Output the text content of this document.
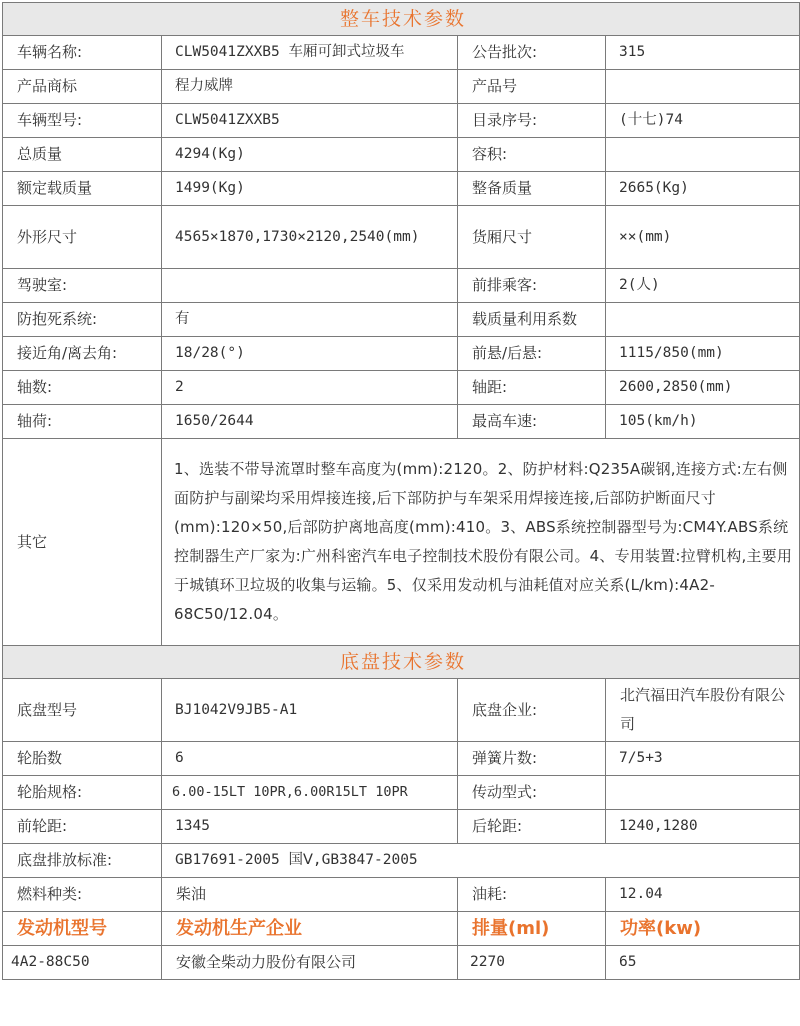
整车技术参数			
车辆名称:	CLW5041ZXXB5 车厢可卸式垃圾车	公告批次:	315
产品商标	程力威牌	产品号	
车辆型号:	CLW5041ZXXB5	目录序号:	(十七)74
总质量	4294(Kg)	容积:	
额定载质量	1499(Kg)	整备质量	2665(Kg)
外形尺寸	4565×1870,1730×2120,2540(mm)	货厢尺寸	××(mm)
驾驶室:		前排乘客:	2(人)
防抱死系统:	有	载质量利用系数	
接近角/离去角:	18/28(°)	前悬/后悬:	1115/850(mm)
轴数:	2	轴距:	2600,2850(mm)
轴荷:	1650/2644	最高车速:	105(km/h)
其它	1、选装不带导流罩时整车高度为(mm):2120。2、防护材料:Q235A碳钢,连接方式:左右侧面防护与副梁均采用焊接连接,后下部防护与车架采用焊接连接,后部防护断面尺寸(mm):120×50,后部防护离地高度(mm):410。3、ABS系统控制器型号为:CM4Y.ABS系统控制器生产厂家为:广州科密汽车电子控制技术股份有限公司。4、专用装置:拉臂机构,主要用于城镇环卫垃圾的收集与运输。5、仅采用发动机与油耗值对应关系(L/km):4A2-68C50/12.04。		
底盘技术参数			
底盘型号	BJ1042V9JB5-A1	底盘企业:	北汽福田汽车股份有限公司
轮胎数	6	弹簧片数:	7/5+3
轮胎规格:	6.00-15LT 10PR,6.00R15LT 10PR	传动型式:	
前轮距:	1345	后轮距:	1240,1280
底盘排放标准:	GB17691-2005 国Ⅴ,GB3847-2005		
燃料种类:	柴油	油耗:	12.04
发动机型号	发动机生产企业	排量(ml)	功率(kw)
4A2-88C50	安徽全柴动力股份有限公司	2270	65
